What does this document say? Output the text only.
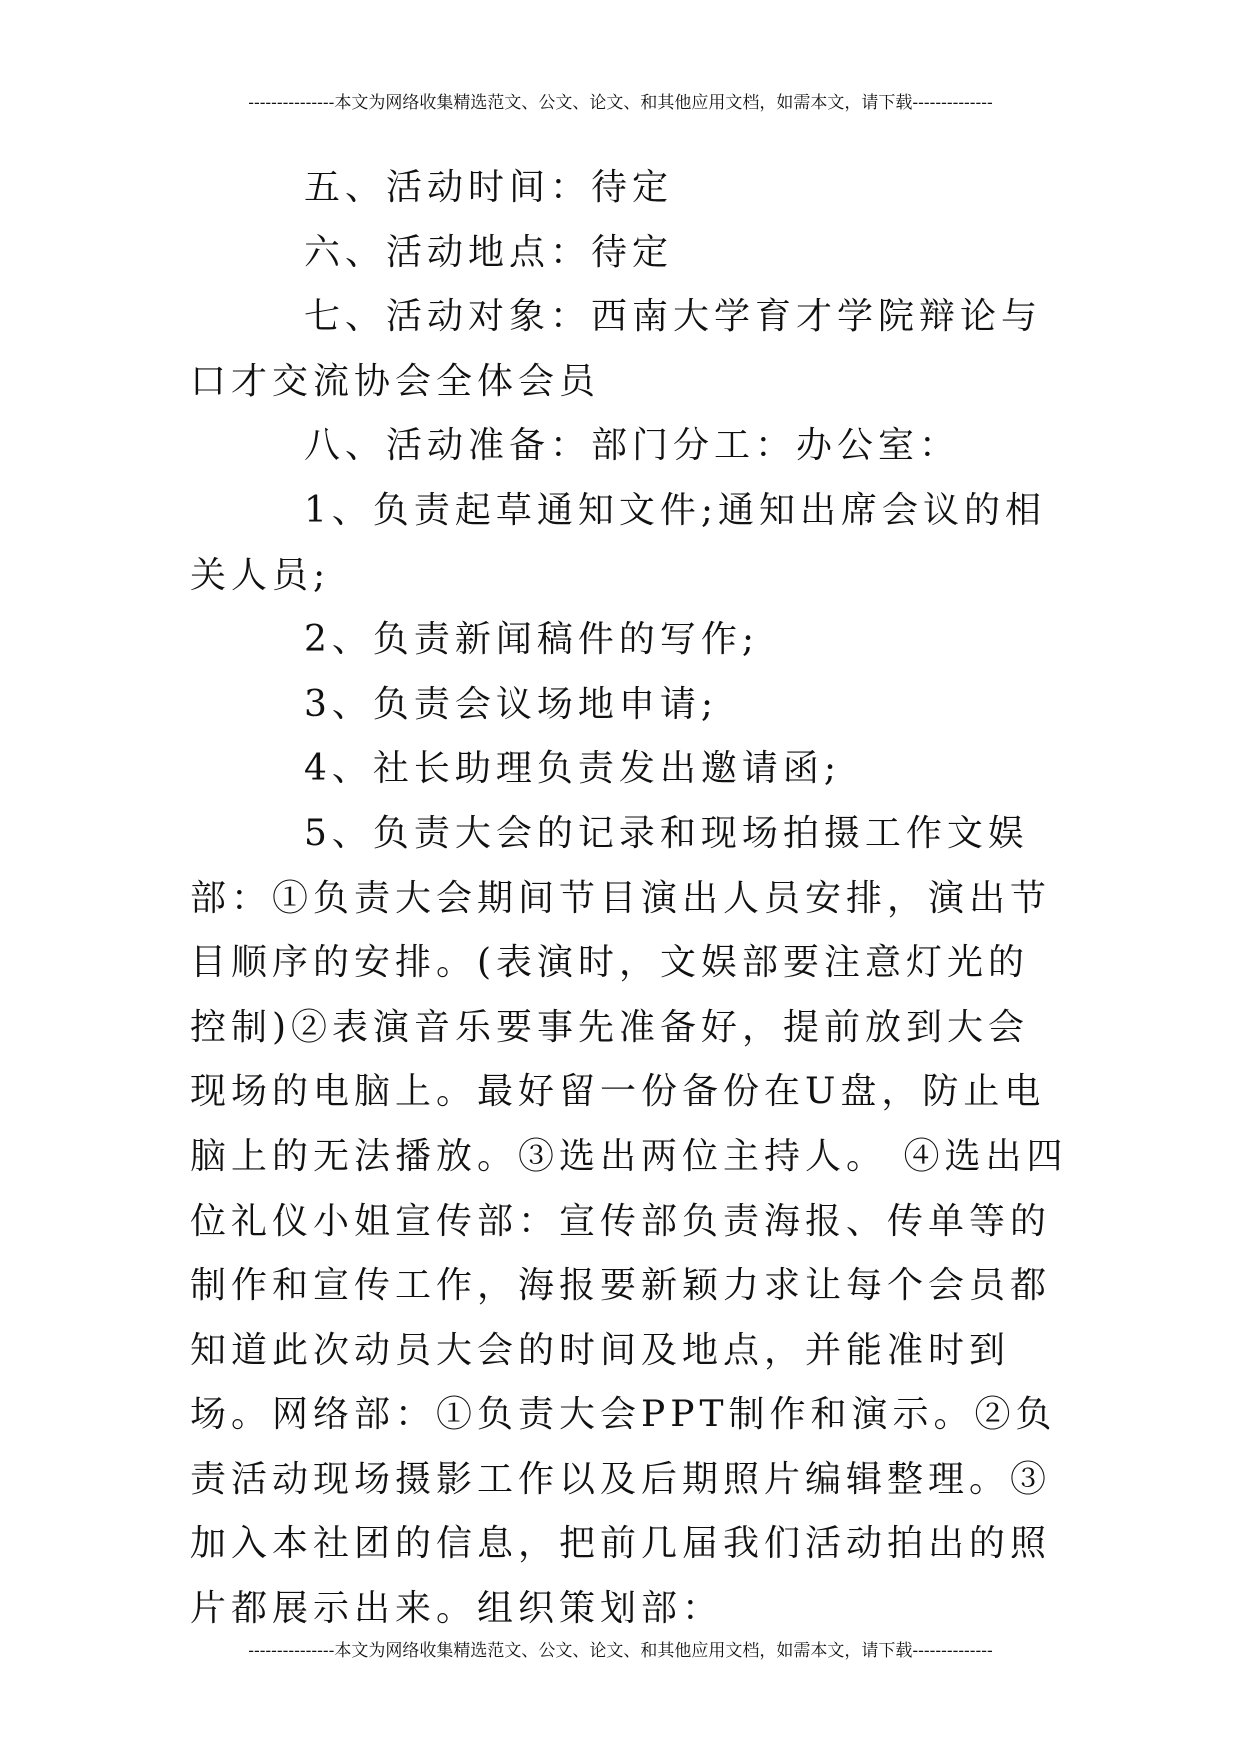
---------------本文为网络收集精选范文、公文、论文、和其他应用文档，如需本文，请下载--------------

五、活动时间：待定

六、活动地点：待定

七、活动对象：西南大学育才学院辩论与口才交流协会全体会员

八、活动准备：部门分工：办公室：

1、负责起草通知文件;通知出席会议的相关人员;

2、负责新闻稿件的写作;

3、负责会议场地申请;

4、社长助理负责发出邀请函;

5、负责大会的记录和现场拍摄工作文娱部：①负责大会期间节目演出人员安排，演出节目顺序的安排。(表演时，文娱部要注意灯光的控制)②表演音乐要事先准备好，提前放到大会现场的电脑上。最好留一份备份在U盘，防止电脑上的无法播放。③选出两位主持人。 ④选出四位礼仪小姐宣传部：宣传部负责海报、传单等的制作和宣传工作，海报要新颖力求让每个会员都知道此次动员大会的时间及地点，并能准时到场。网络部：①负责大会PPT制作和演示。②负责活动现场摄影工作以及后期照片编辑整理。③加入本社团的信息，把前几届我们活动拍出的照片都展示出来。组织策划部：

---------------本文为网络收集精选范文、公文、论文、和其他应用文档，如需本文，请下载--------------
